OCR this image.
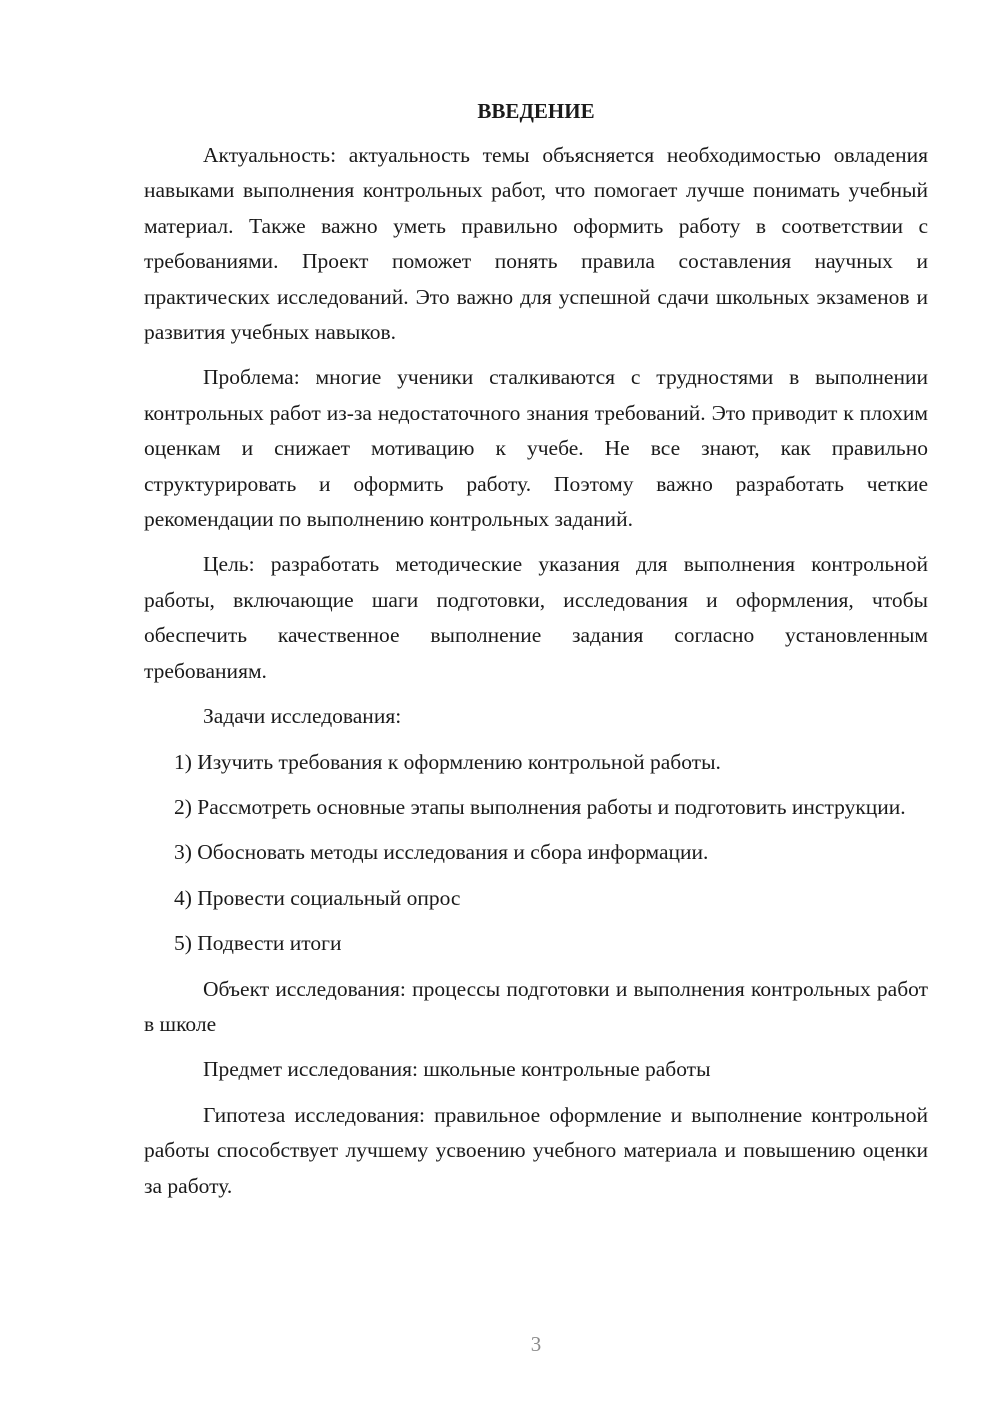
ВВЕДЕНИЕ

Актуальность: актуальность темы объясняется необходимостью овладения навыками выполнения контрольных работ, что помогает лучше понимать учебный материал. Также важно уметь правильно оформить работу в соответствии с требованиями. Проект поможет понять правила составления научных и практических исследований. Это важно для успешной сдачи школьных экзаменов и развития учебных навыков.

Проблема: многие ученики сталкиваются с трудностями в выполнении контрольных работ из-за недостаточного знания требований. Это приводит к плохим оценкам и снижает мотивацию к учебе. Не все знают, как правильно структурировать и оформить работу. Поэтому важно разработать четкие рекомендации по выполнению контрольных заданий.

Цель: разработать методические указания для выполнения контрольной работы, включающие шаги подготовки, исследования и оформления, чтобы обеспечить качественное выполнение задания согласно установленным требованиям.

Задачи исследования:

1) Изучить требования к оформлению контрольной работы.

2) Рассмотреть основные этапы выполнения работы и подготовить инструкции.

3) Обосновать методы исследования и сбора информации.

4) Провести социальный опрос

5) Подвести итоги

Объект исследования: процессы подготовки и выполнения контрольных работ в школе

Предмет исследования: школьные контрольные работы

Гипотеза исследования: правильное оформление и выполнение контрольной работы способствует лучшему усвоению учебного материала и повышению оценки за работу.

3
